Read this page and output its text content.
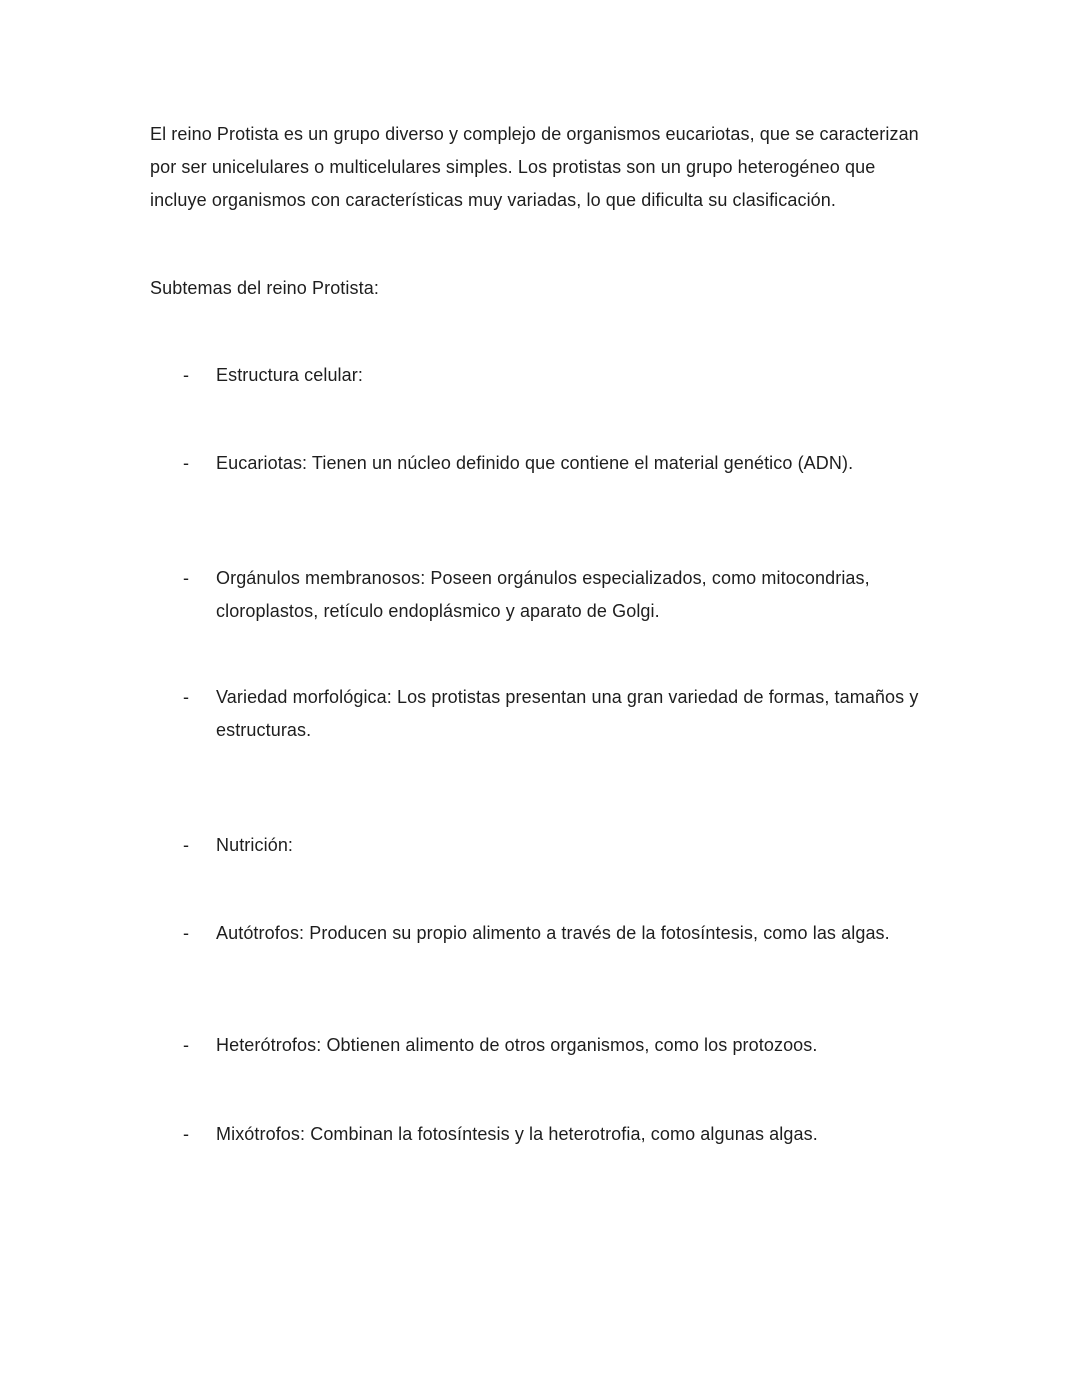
El reino Protista es un grupo diverso y complejo de organismos eucariotas, que se caracterizan por ser unicelulares o multicelulares simples. Los protistas son un grupo heterogéneo que incluye organismos con características muy variadas, lo que dificulta su clasificación.

Subtemas del reino Protista:

-	Estructura celular:
-	Eucariotas: Tienen un núcleo definido que contiene el material genético (ADN).
-	Orgánulos membranosos: Poseen orgánulos especializados, como mitocondrias, cloroplastos, retículo endoplásmico y aparato de Golgi.
-	Variedad morfológica: Los protistas presentan una gran variedad de formas, tamaños y estructuras.
-	Nutrición:
-	Autótrofos: Producen su propio alimento a través de la fotosíntesis, como las algas.
-	Heterótrofos: Obtienen alimento de otros organismos, como los protozoos.
-	Mixótrofos: Combinan la fotosíntesis y la heterotrofia, como algunas algas.
